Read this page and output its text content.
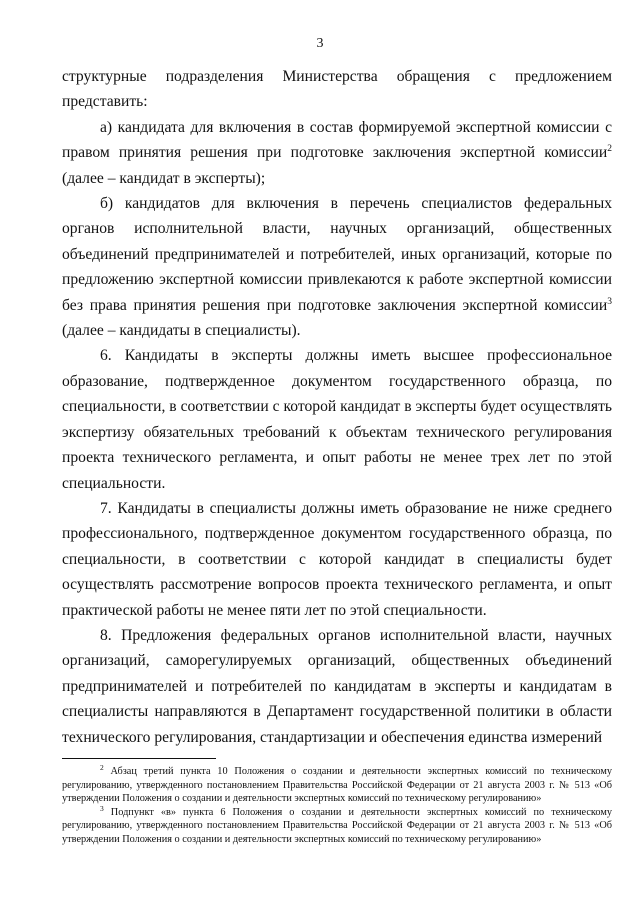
3

структурные подразделения Министерства обращения с предложением представить:

а) кандидата для включения в состав формируемой экспертной комиссии с правом принятия решения при подготовке заключения экспертной комиссии$^2$ (далее – кандидат в эксперты);

б) кандидатов для включения в перечень специалистов федеральных органов исполнительной власти, научных организаций, общественных объединений предпринимателей и потребителей, иных организаций, которые по предложению экспертной комиссии привлекаются к работе экспертной комиссии без права принятия решения при подготовке заключения экспертной комиссии$^3$ (далее – кандидаты в специалисты).

6. Кандидаты в эксперты должны иметь высшее профессиональное образование, подтвержденное документом государственного образца, по специальности, в соответствии с которой кандидат в эксперты будет осуществлять экспертизу обязательных требований к объектам технического регулирования проекта технического регламента, и опыт работы не менее трех лет по этой специальности.

7. Кандидаты в специалисты должны иметь образование не ниже среднего профессионального, подтвержденное документом государственного образца, по специальности, в соответствии с которой кандидат в специалисты будет осуществлять рассмотрение вопросов проекта технического регламента, и опыт практической работы не менее пяти лет по этой специальности.

8. Предложения федеральных органов исполнительной власти, научных организаций, саморегулируемых организаций, общественных объединений предпринимателей и потребителей по кандидатам в эксперты и кандидатам в специалисты направляются в Департамент государственной политики в области технического регулирования, стандартизации и обеспечения единства измерений

$^2$ Абзац третий пункта 10 Положения о создании и деятельности экспертных комиссий по техническому регулированию, утвержденного постановлением Правительства Российской Федерации от 21 августа 2003 г. № 513 «Об утверждении Положения о создании и деятельности экспертных комиссий по техническому регулированию»

$^3$ Подпункт «в» пункта 6 Положения о создании и деятельности экспертных комиссий по техническому регулированию, утвержденного постановлением Правительства Российской Федерации от 21 августа 2003 г. № 513 «Об утверждении Положения о создании и деятельности экспертных комиссий по техническому регулированию»
